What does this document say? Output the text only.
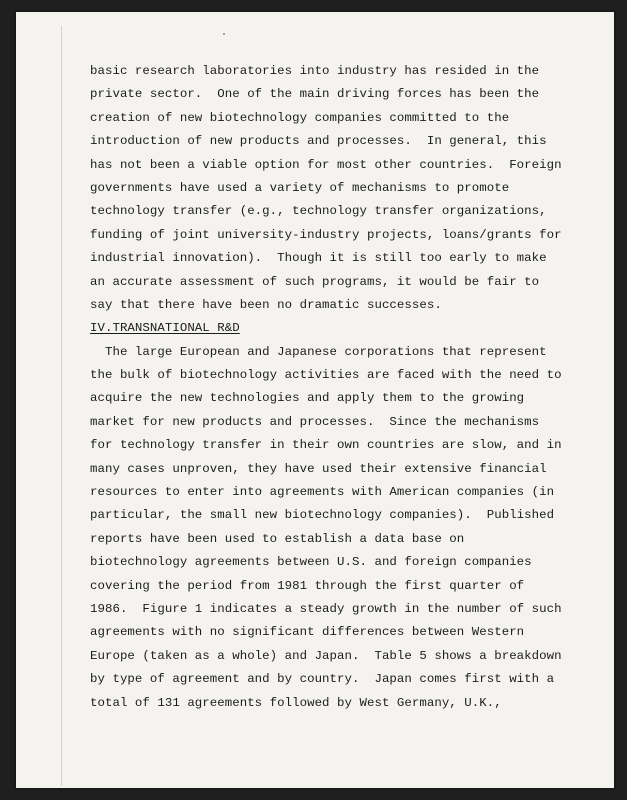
basic research laboratories into industry has resided in the
private sector.  One of the main driving forces has been the
creation of new biotechnology companies committed to the
introduction of new products and processes.  In general, this
has not been a viable option for most other countries.  Foreign
governments have used a variety of mechanisms to promote
technology transfer (e.g., technology transfer organizations,
funding of joint university-industry projects, loans/grants for
industrial innovation).  Though it is still too early to make
an accurate assessment of such programs, it would be fair to
say that there have been no dramatic successes.
IV.TRANSNATIONAL R&D
The large European and Japanese corporations that represent
the bulk of biotechnology activities are faced with the need to
acquire the new technologies and apply them to the growing
market for new products and processes.  Since the mechanisms
for technology transfer in their own countries are slow, and in
many cases unproven, they have used their extensive financial
resources to enter into agreements with American companies (in
particular, the small new biotechnology companies).  Published
reports have been used to establish a data base on
biotechnology agreements between U.S. and foreign companies
covering the period from 1981 through the first quarter of
1986.  Figure 1 indicates a steady growth in the number of such
agreements with no significant differences between Western
Europe (taken as a whole) and Japan.  Table 5 shows a breakdown
by type of agreement and by country.  Japan comes first with a
total of 131 agreements followed by West Germany, U.K.,
